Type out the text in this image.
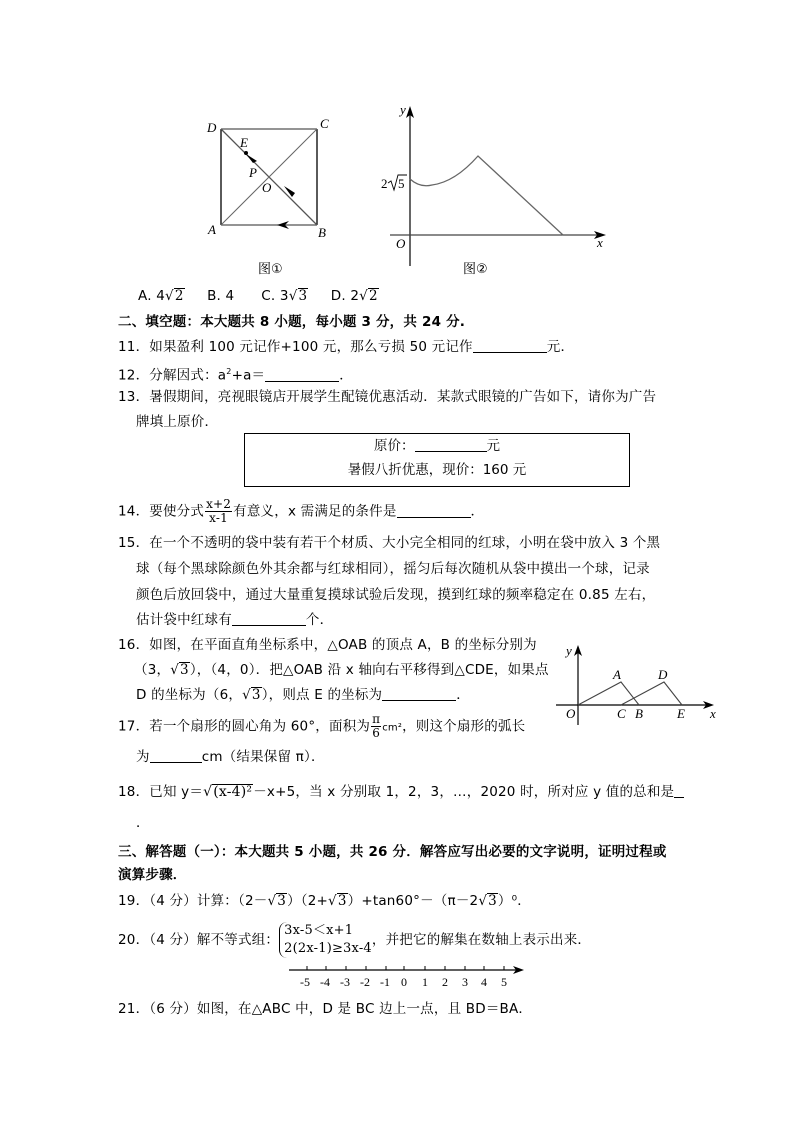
D	C
A	B
E
P
O
图①
y
x
O
2 5
图②
A. 4√2 B. 4 C. 3√3 D. 2√2
二、填空题：本大题共 8 小题，每小题 3 分，共 24 分.
11．如果盈利 100 元记作+100 元，那么亏损 50 元记作	元．
12．分解因式：$a^2+a=$	．
13．暑假期间，亮视眼镜店开展学生配镜优惠活动．某款式眼镜的广告如下，请你为广告
牌填上原价．
原价：	元
暑假八折优惠，现价：160 元
14．要使分式 $\frac{x+2}{x-1}$ 有意义，x 需满足的条件是	．
15．在一个不透明的袋中装有若干个材质、大小完全相同的红球，小明在袋中放入 3 个黑
球（每个黑球除颜色外其余都与红球相同），摇匀后每次随机从袋中摸出一个球，记录
颜色后放回袋中，通过大量重复摸球试验后发现，摸到红球的频率稳定在 0.85 左右，
估计袋中红球有	个．
16．如图，在平面直角坐标系中，△OAB 的顶点 A，B 的坐标分别为
（3，√3），（4，0）．把△OAB 沿 x 轴向右平移得到△CDE，如果点
D 的坐标为（6，√3），则点 E 的坐标为	．
y
x
O
A
B
C
D
E
17．若一个扇形的圆心角为 60°，面积为 $\frac{\pi}{6} cm^2$，则这个扇形的弧长
为	cm（结果保留 π）．
18．已知 y＝√(x-4)²－x+5，当 x 分别取 1，2，3，…，2020 时，所对应 y 值的总和是
．
三、解答题（一）：本大题共 5 小题，共 26 分．解答应写出必要的文字说明，证明过程或
演算步骤．
19．（4 分）计算：（2－√3）（2+√3）+tan60°－（π－2√3）⁰．
20．（4 分）解不等式组：
3x-5＜x+1
2(2x-1)≥3x-4
，并把它的解集在数轴上表示出来．
-5 -4 -3 -2 -1 0 1 2 3 4 5
21．（6 分）如图，在△ABC 中，D 是 BC 边上一点，且 BD＝BA．
